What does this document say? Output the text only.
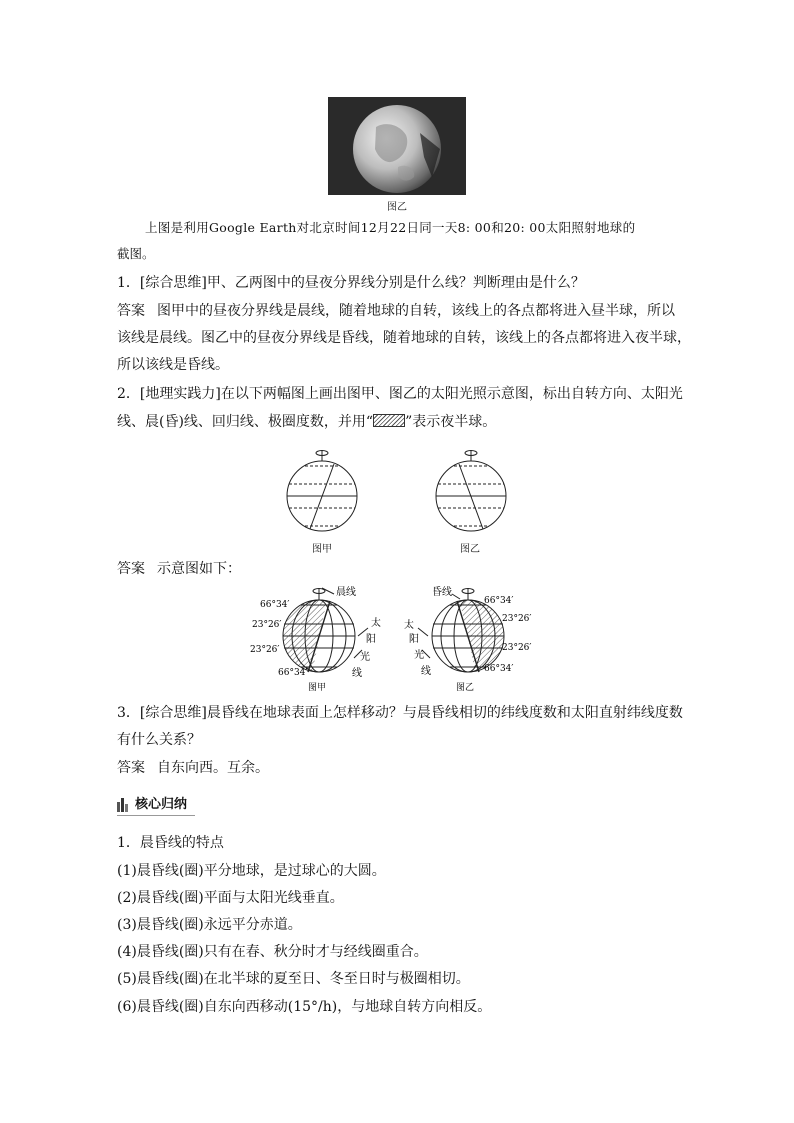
图乙
上图是利用Google Earth对北京时间12月22日同一天8: 00和20: 00太阳照射地球的
截图。
1．[综合思维]甲、乙两图中的昼夜分界线分别是什么线？判断理由是什么？
答案 图甲中的昼夜分界线是晨线，随着地球的自转，该线上的各点都将进入昼半球，所以
该线是晨线。图乙中的昼夜分界线是昏线，随着地球的自转，该线上的各点都将进入夜半球，
所以该线是昏线。
2．[地理实践力]在以下两幅图上画出图甲、图乙的太阳光照示意图，标出自转方向、太阳光
线、晨(昏)线、回归线、极圈度数，并用“ ”表示夜半球。
图甲	图乙
答案 示意图如下：
晨线
66°34′
23°26′
23°26′
66°34′
太
阳
光
线
图甲
昏线
66°34′
23°26′
23°26′
66°34′
太
阳
光
线
图乙
3．[综合思维]晨昏线在地球表面上怎样移动？与晨昏线相切的纬线度数和太阳直射纬线度数
有什么关系？
答案 自东向西。互余。
核心归纳
1．晨昏线的特点
(1)晨昏线(圈)平分地球，是过球心的大圆。
(2)晨昏线(圈)平面与太阳光线垂直。
(3)晨昏线(圈)永远平分赤道。
(4)晨昏线(圈)只有在春、秋分时才与经线圈重合。
(5)晨昏线(圈)在北半球的夏至日、冬至日时与极圈相切。
(6)晨昏线(圈)自东向西移动(15°/h)，与地球自转方向相反。
